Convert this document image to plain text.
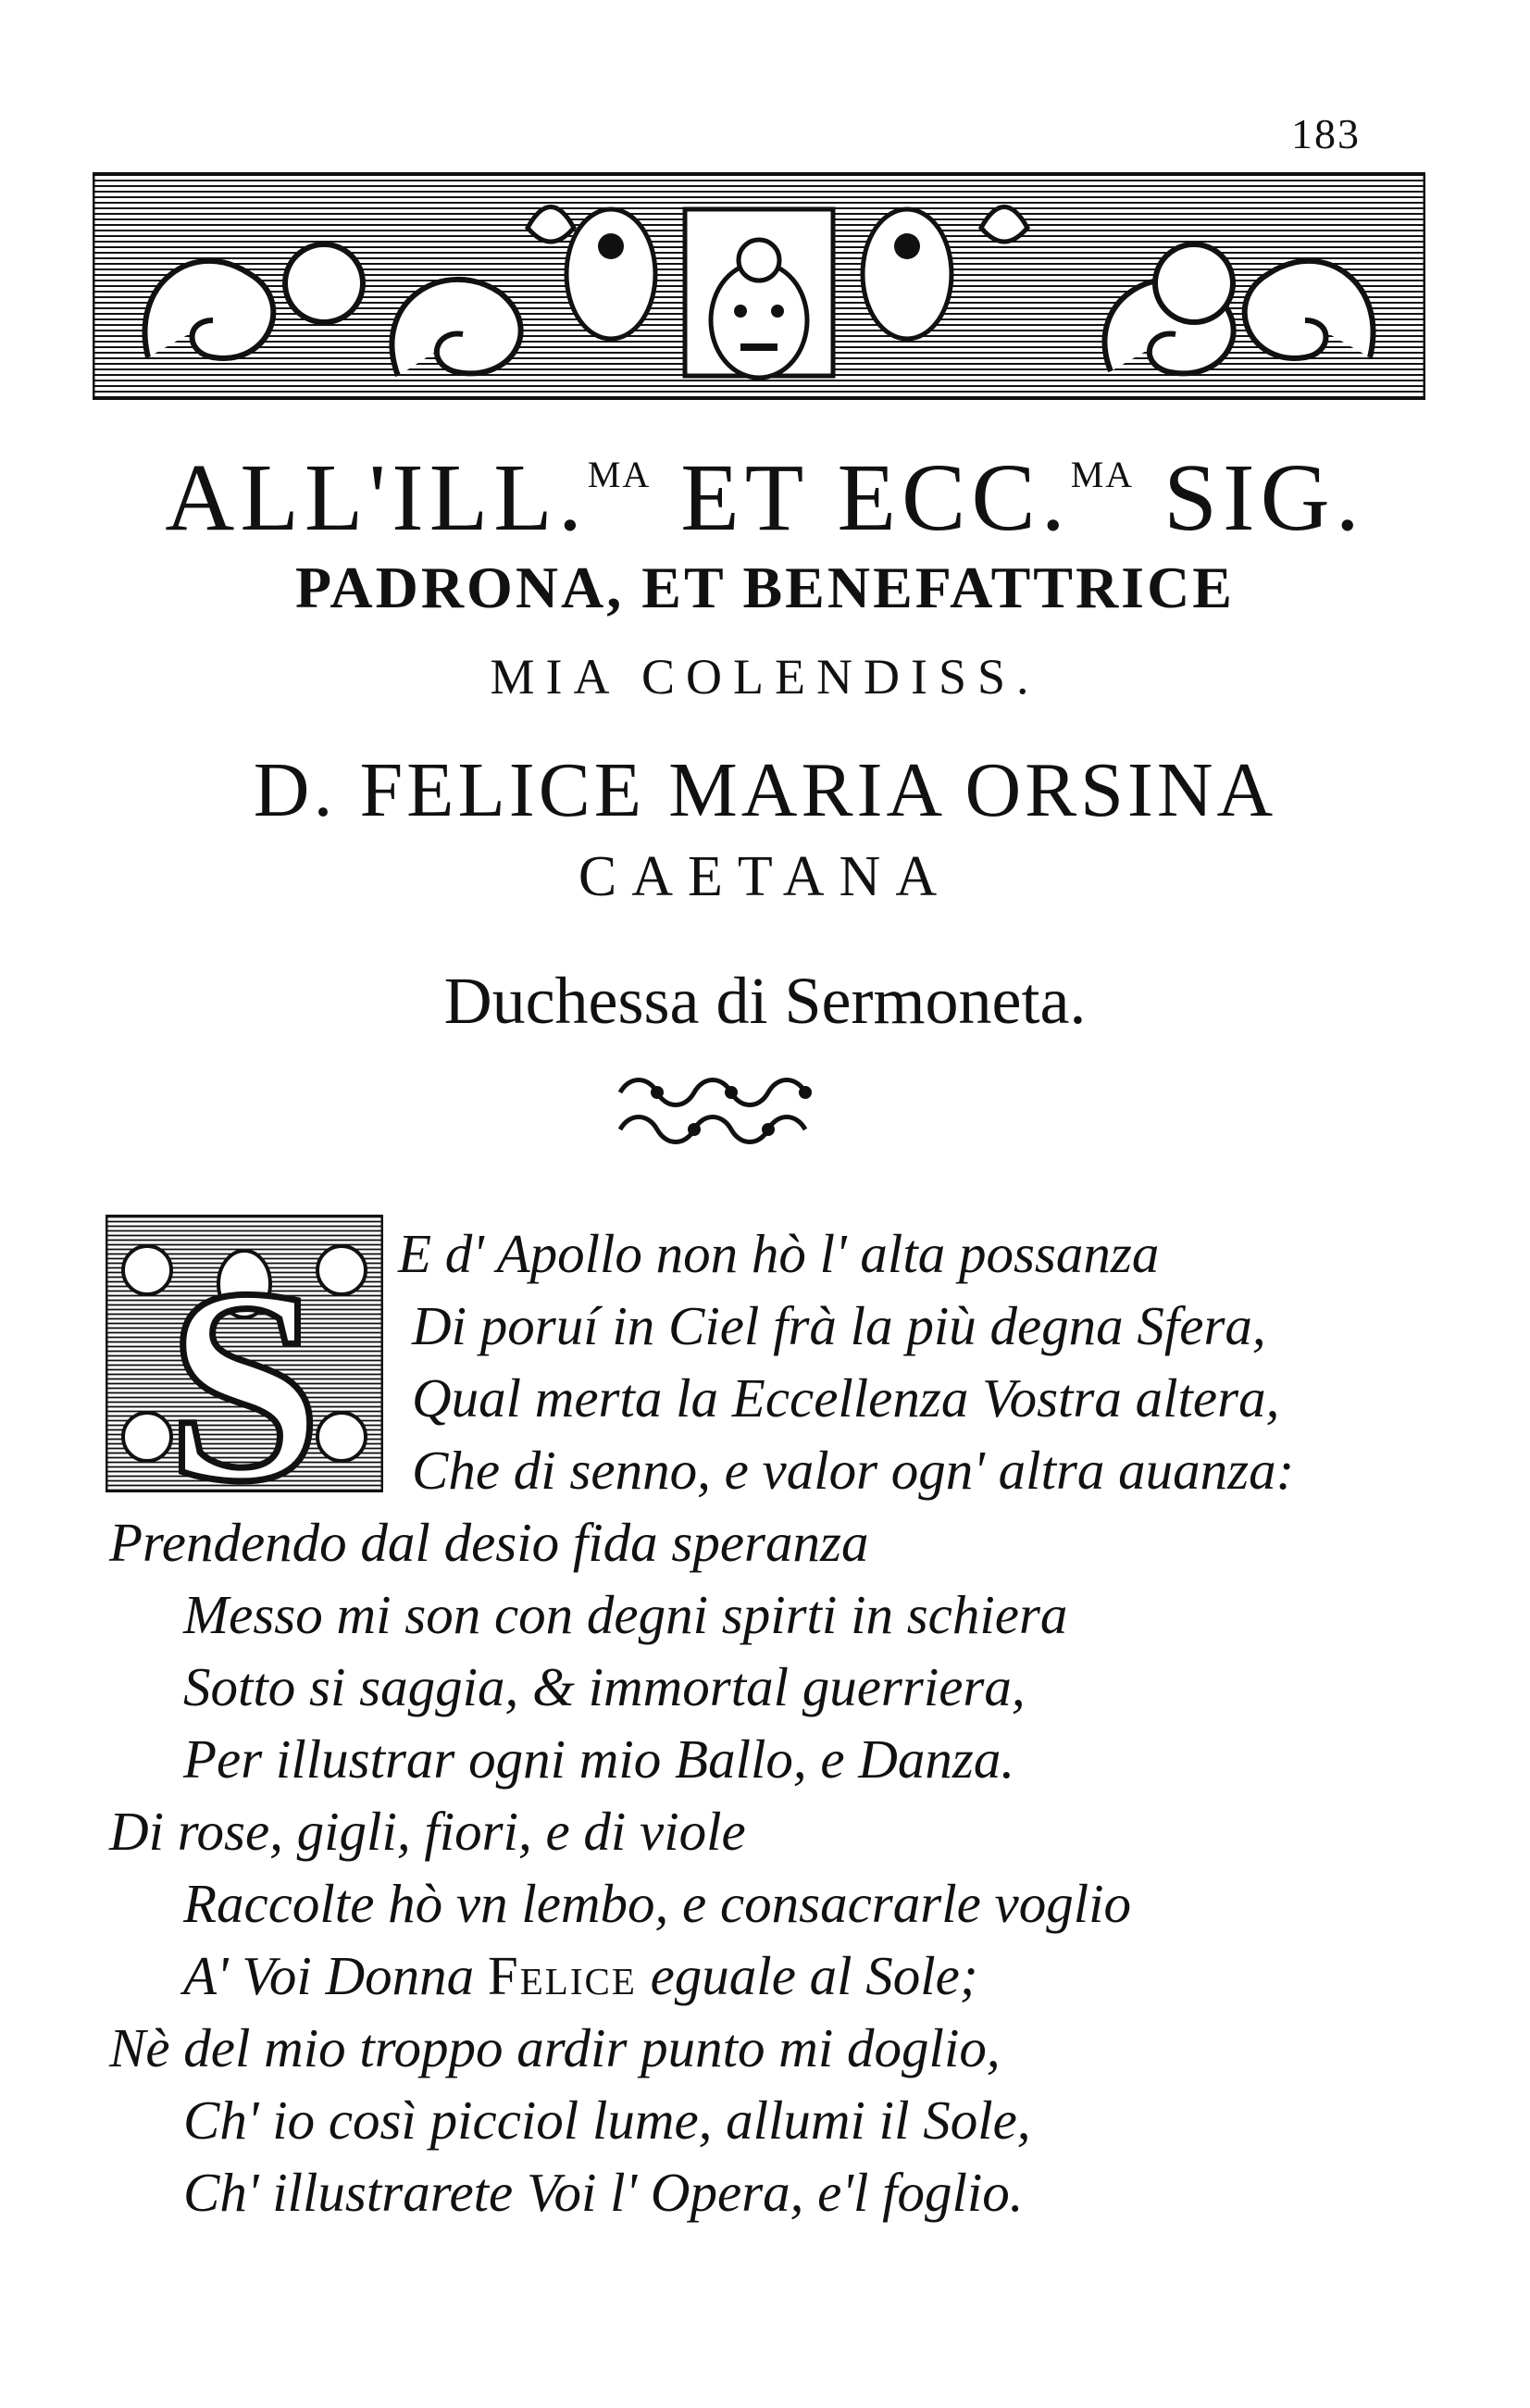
183
ALL'ILL.$^{MA}$ ET ECC.$^{MA}$ SIG.
PADRONA, ET BENEFATTRICE
MIA COLENDISS.
D. FELICE MARIA ORSINA
CAETANA
Duchessa di Sermoneta.
S E d' Apollo non hò l' alta possanza
Di poruí in Ciel frà la più degna Sfera,
Qual merta la Eccellenza Vostra altera,
Che di senno, e valor ogn' altra auanza:
Prendendo dal desio fida speranza
Messo mi son con degni spirti in schiera
Sotto si saggia, & immortal guerriera,
Per illustrar ogni mio Ballo, e Danza.
Di rose, gigli, fiori, e di viole
Raccolte hò vn lembo, e consacrarle voglio
A' Voi Donna Felice eguale al Sole;
Nè del mio troppo ardir punto mi doglio,
Ch' io così picciol lume, allumi il Sole,
Ch' illustrarete Voi l' Opera, e'l foglio.
